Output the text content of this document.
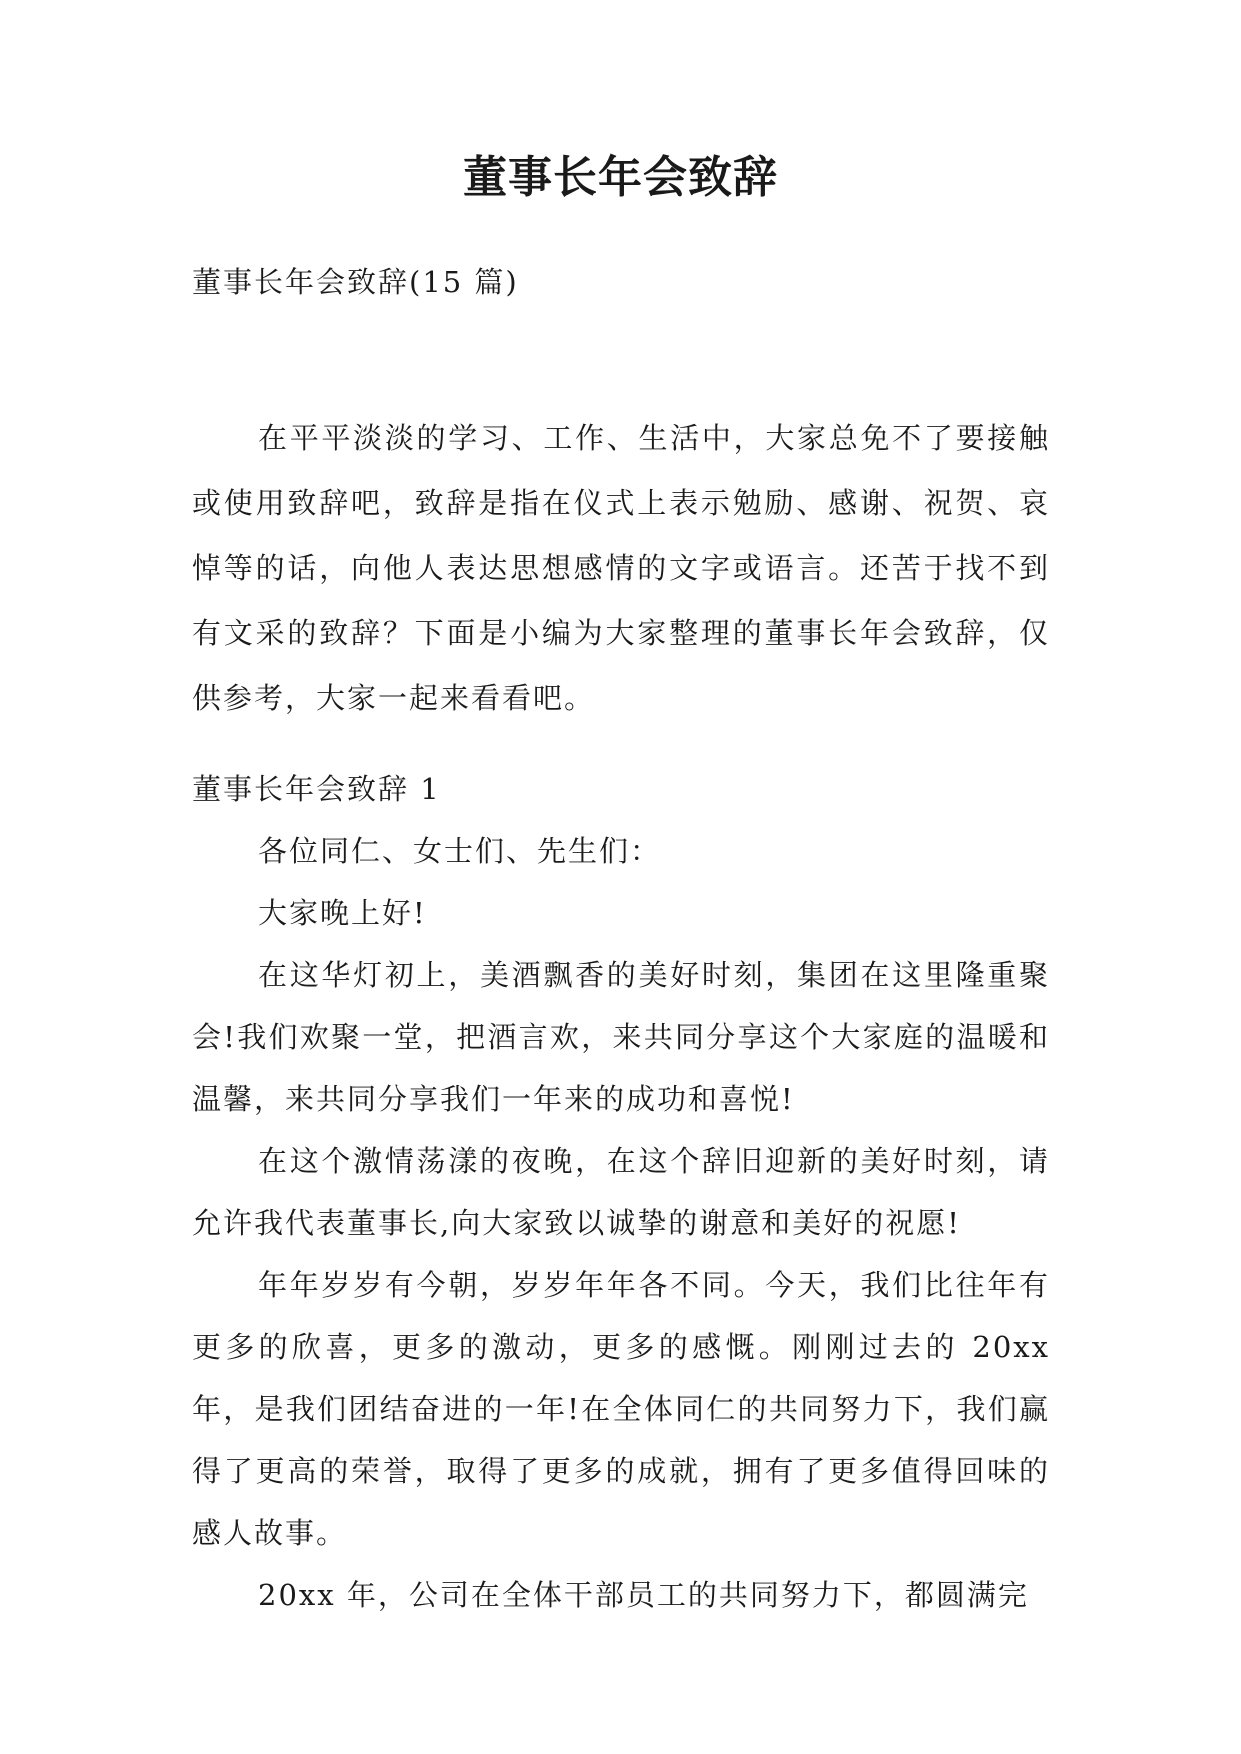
董事长年会致辞
董事长年会致辞(15 篇)

在平平淡淡的学习、工作、生活中，大家总免不了要接触或使用致辞吧，致辞是指在仪式上表示勉励、感谢、祝贺、哀悼等的话，向他人表达思想感情的文字或语言。还苦于找不到有文采的致辞？下面是小编为大家整理的董事长年会致辞，仅供参考，大家一起来看看吧。

董事长年会致辞 1

各位同仁、女士们、先生们：

大家晚上好!

在这华灯初上，美酒飘香的美好时刻，集团在这里隆重聚会!我们欢聚一堂，把酒言欢，来共同分享这个大家庭的温暖和温馨，来共同分享我们一年来的成功和喜悦!

在这个激情荡漾的夜晚，在这个辞旧迎新的美好时刻，请允许我代表董事长,向大家致以诚挚的谢意和美好的祝愿!

年年岁岁有今朝，岁岁年年各不同。今天，我们比往年有更多的欣喜，更多的激动，更多的感慨。刚刚过去的 20xx 年，是我们团结奋进的一年!在全体同仁的共同努力下，我们赢得了更高的荣誉，取得了更多的成就，拥有了更多值得回味的感人故事。

20xx 年，公司在全体干部员工的共同努力下，都圆满完
